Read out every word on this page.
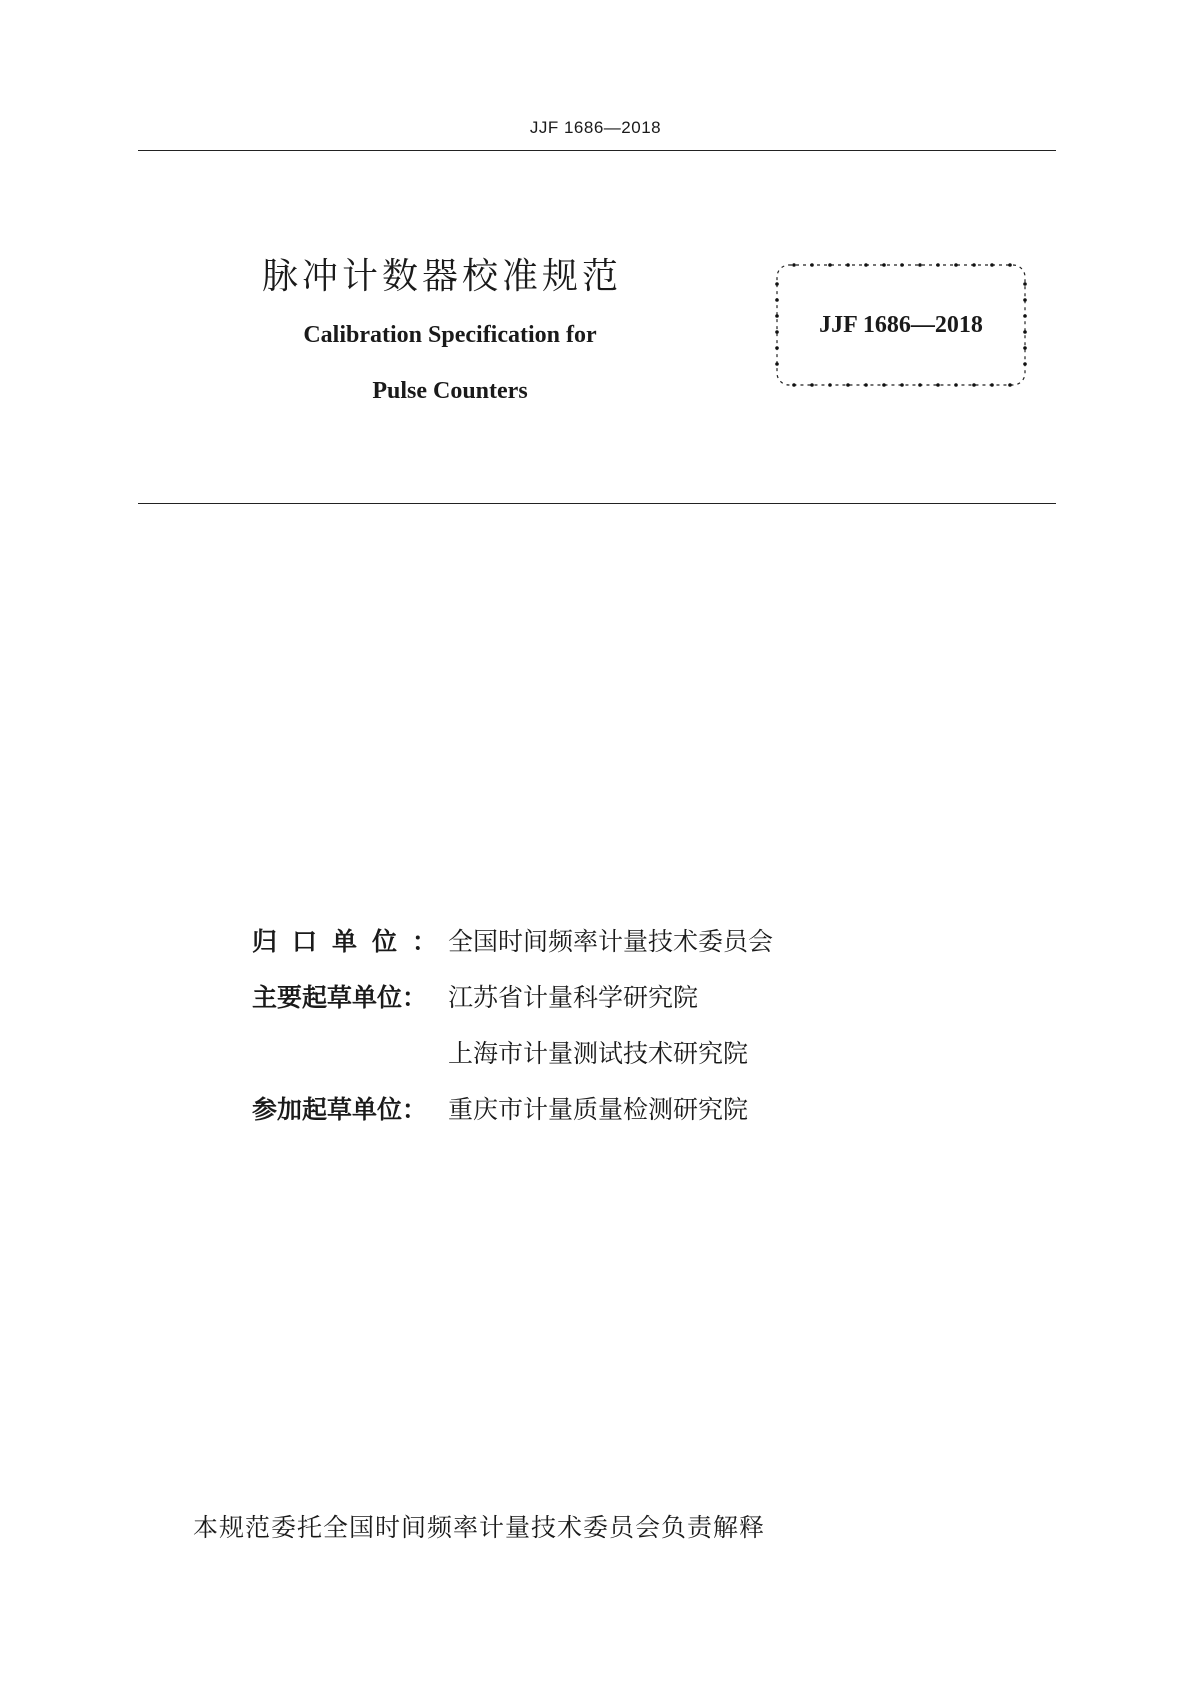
JJF 1686—2018
脉冲计数器校准规范
Calibration Specification for
Pulse Counters
JJF 1686—2018
归口单位：
全国时间频率计量技术委员会
主要起草单位： 江苏省计量科学研究院
上海市计量测试技术研究院
参加起草单位： 重庆市计量质量检测研究院
本规范委托全国时间频率计量技术委员会负责解释
